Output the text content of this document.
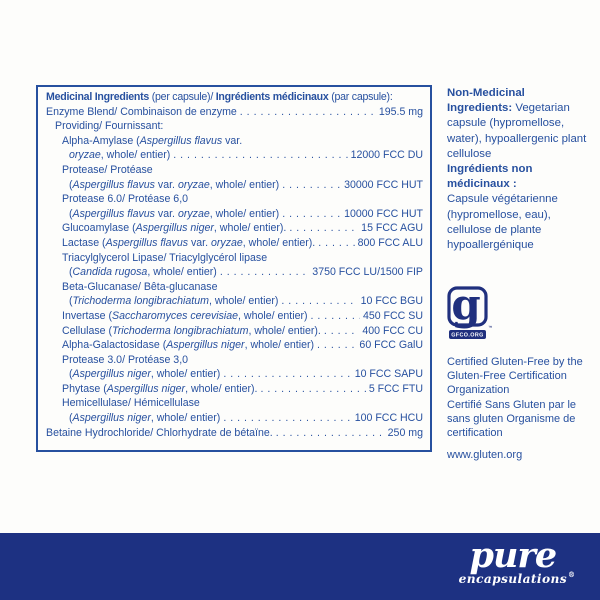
Medicinal Ingredients (per capsule)/ Ingrédients médicinaux (par capsule):
Enzyme Blend/ Combinaison de enzyme . . .	195.5 mg
Providing/ Fournissant:
Alpha-Amylase (Aspergillus flavus var.
oryzae, whole/ entier) . . .	12000 FCC DU
Protease/ Protéase
(Aspergillus flavus var. oryzae, whole/ entier) . . .	30000 FCC HUT
Protease 6.0/ Protéase 6,0
(Aspergillus flavus var. oryzae, whole/ entier) . . .	10000 FCC HUT
Glucoamylase (Aspergillus niger, whole/ entier). . . .	15 FCC AGU
Lactase (Aspergillus flavus var. oryzae, whole/ entier). . . .	800 FCC ALU
Triacylglycerol Lipase/ Triacylglycérol lipase
(Candida rugosa, whole/ entier) . . .	3750 FCC LU/1500 FIP
Beta-Glucanase/ Bêta-glucanase
(Trichoderma longibrachiatum, whole/ entier) . . .	10 FCC BGU
Invertase (Saccharomyces cerevisiae, whole/ entier) . . .	450 FCC SU
Cellulase (Trichoderma longibrachiatum, whole/ entier). . . .	400 FCC CU
Alpha-Galactosidase (Aspergillus niger, whole/ entier) . . .	60 FCC GalU
Protease 3.0/ Protéase 3,0
(Aspergillus niger, whole/ entier) . . .	10 FCC SAPU
Phytase (Aspergillus niger, whole/ entier). . . .	5 FCC FTU
Hemicellulase/ Hémicellulase
(Aspergillus niger, whole/ entier) . . .	100 FCC HCU
Betaine Hydrochloride/ Chlorhydrate de bétaïne. . . .	250 mg
Non-Medicinal Ingredients: Vegetarian capsule (hypromellose, water), hypoallergenic plant cellulose
Ingrédients non médicinaux :
Capsule végétarienne (hypromellose, eau), cellulose de plante hypoallergénique
g ™
GFCO.ORG
Certified Gluten-Free by the Gluten-Free Certification Organization
Certifié Sans Gluten par le sans gluten Organisme de certification
www.gluten.org
pure
encapsulations ®
